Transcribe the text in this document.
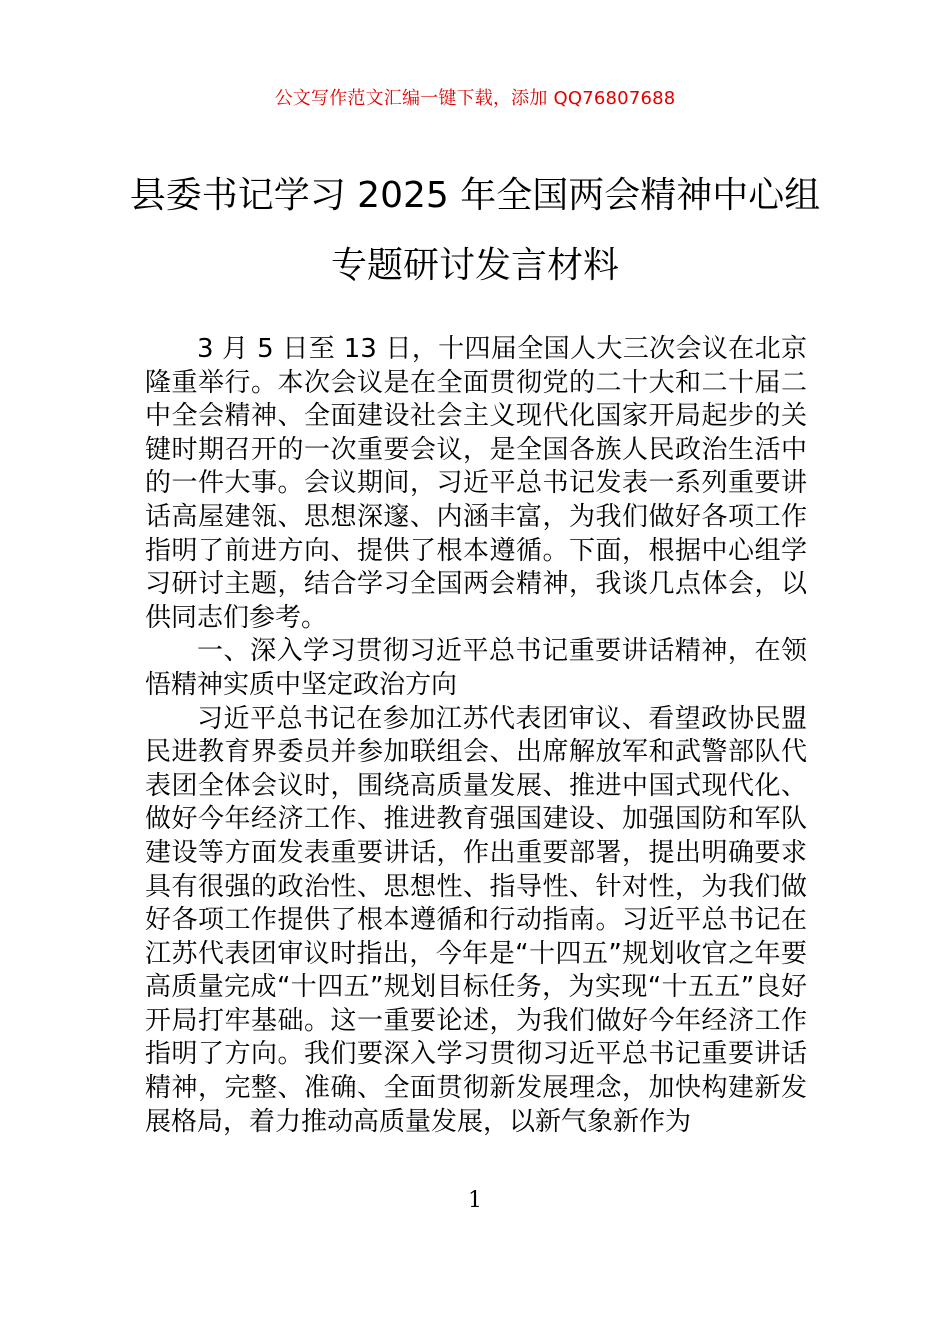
公文写作范文汇编一键下载，添加 QQ76807688
县委书记学习 2025 年全国两会精神中心组
专题研讨发言材料

3 月 5 日至 13 日，十四届全国人大三次会议在北京隆重举行。本次会议是在全面贯彻党的二十大和二十届二中全会精神、全面建设社会主义现代化国家开局起步的关键时期召开的一次重要会议，是全国各族人民政治生活中的一件大事。会议期间，习近平总书记发表一系列重要讲话高屋建瓴、思想深邃、内涵丰富，为我们做好各项工作指明了前进方向、提供了根本遵循。下面，根据中心组学习研讨主题，结合学习全国两会精神，我谈几点体会，以供同志们参考。

一、深入学习贯彻习近平总书记重要讲话精神，在领悟精神实质中坚定政治方向

习近平总书记在参加江苏代表团审议、看望政协民盟民进教育界委员并参加联组会、出席解放军和武警部队代表团全体会议时，围绕高质量发展、推进中国式现代化、做好今年经济工作、推进教育强国建设、加强国防和军队建设等方面发表重要讲话，作出重要部署，提出明确要求具有很强的政治性、思想性、指导性、针对性，为我们做好各项工作提供了根本遵循和行动指南。习近平总书记在江苏代表团审议时指出，今年是“十四五”规划收官之年要高质量完成“十四五”规划目标任务，为实现“十五五”良好开局打牢基础。这一重要论述，为我们做好今年经济工作指明了方向。我们要深入学习贯彻习近平总书记重要讲话精神，完整、准确、全面贯彻新发展理念，加快构建新发展格局，着力推动高质量发展，以新气象新作为

1
